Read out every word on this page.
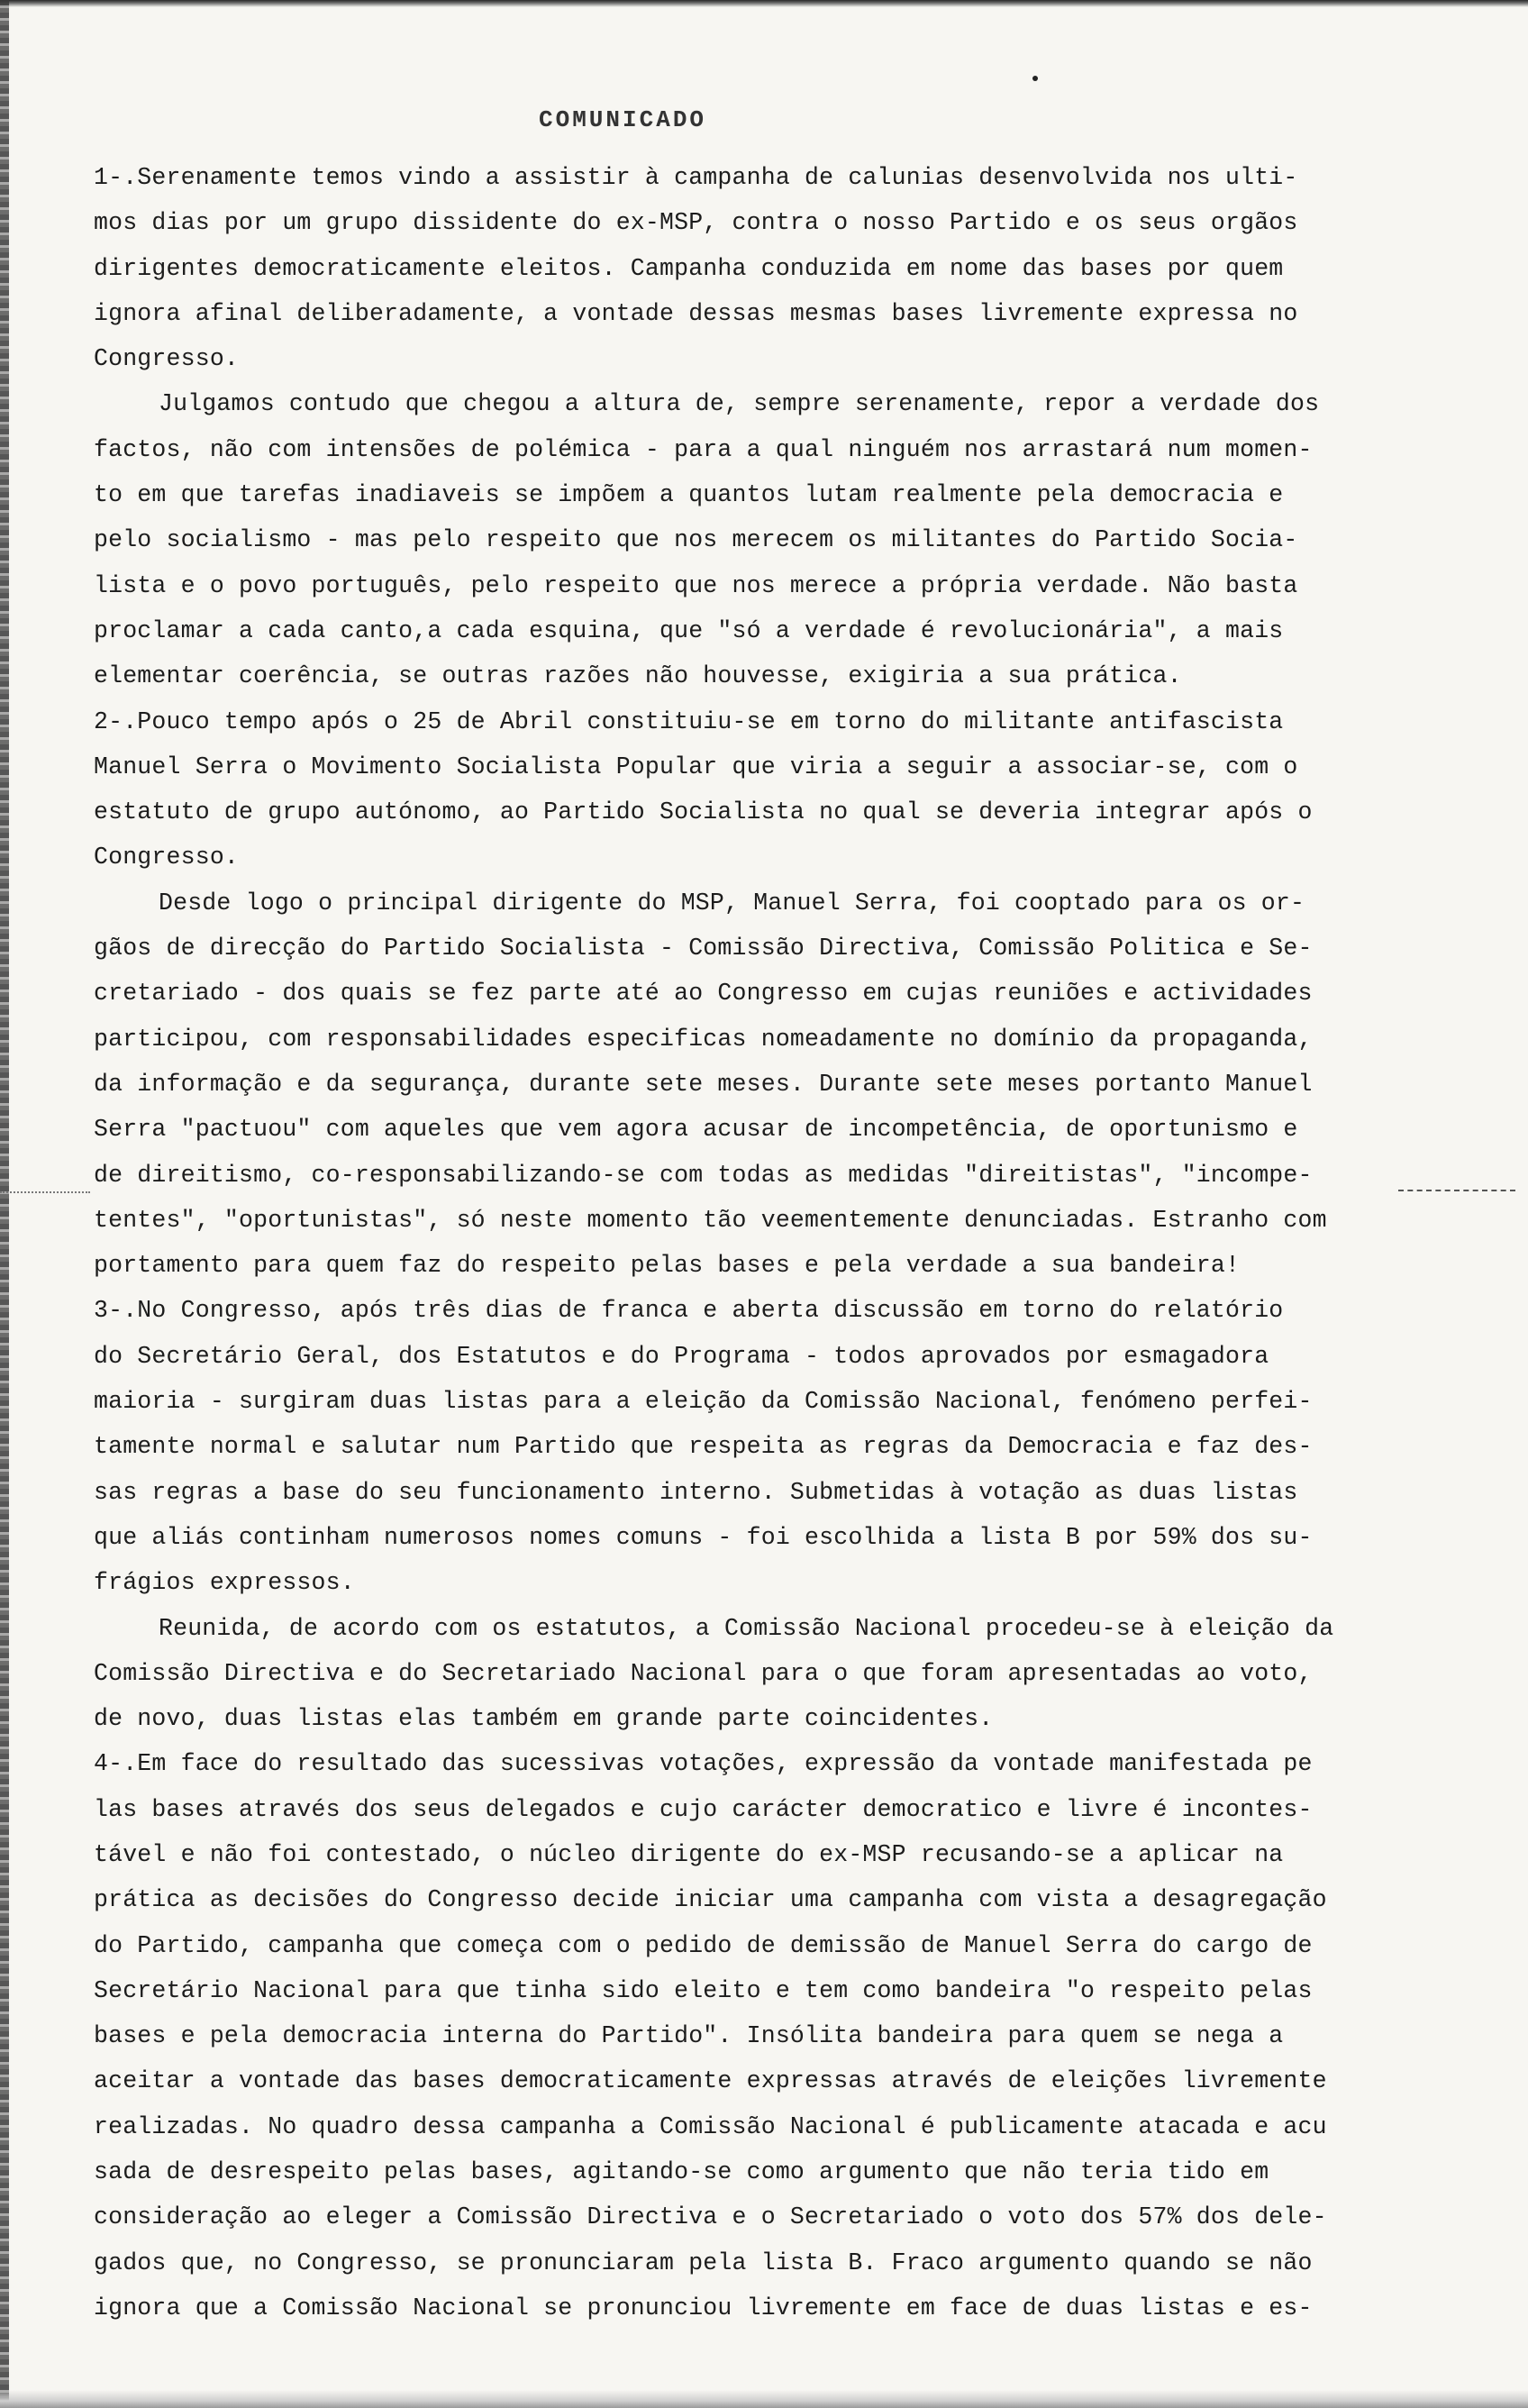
COMUNICADO
1-.Serenamente temos vindo a assistir à campanha de calunias desenvolvida nos ulti-
mos dias por um grupo dissidente do ex-MSP, contra o nosso Partido e os seus orgãos
dirigentes democraticamente eleitos. Campanha conduzida em nome das bases por quem
ignora afinal deliberadamente, a vontade dessas mesmas bases livremente expressa no
Congresso.
Julgamos contudo que chegou a altura de, sempre serenamente, repor a verdade dos
factos, não com intensões de polémica - para a qual ninguém nos arrastará num momen-
to em que tarefas inadiaveis se impõem a quantos lutam realmente pela democracia e
pelo socialismo - mas pelo respeito que nos merecem os militantes do Partido Socia-
lista e o povo português, pelo respeito que nos merece a própria verdade. Não basta
proclamar a cada canto,a cada esquina, que "só a verdade é revolucionária", a mais
elementar coerência, se outras razões não houvesse, exigiria a sua prática.
2-.Pouco tempo após o 25 de Abril constituiu-se em torno do militante antifascista
Manuel Serra o Movimento Socialista Popular que viria a seguir a associar-se, com o
estatuto de grupo autónomo, ao Partido Socialista no qual se deveria integrar após o
Congresso.
Desde logo o principal dirigente do MSP, Manuel Serra, foi cooptado para os or-
gãos de direcção do Partido Socialista - Comissão Directiva, Comissão Politica e Se-
cretariado - dos quais se fez parte até ao Congresso em cujas reuniões e actividades
participou, com responsabilidades especificas nomeadamente no domínio da propaganda,
da informação e da segurança, durante sete meses. Durante sete meses portanto Manuel
Serra "pactuou" com aqueles que vem agora acusar de incompetência, de oportunismo e
de direitismo, co-responsabilizando-se com todas as medidas "direitistas", "incompe-
tentes", "oportunistas", só neste momento tão veementemente denunciadas. Estranho com
portamento para quem faz do respeito pelas bases e pela verdade a sua bandeira!
3-.No Congresso, após três dias de franca e aberta discussão em torno do relatório
do Secretário Geral, dos Estatutos e do Programa - todos aprovados por esmagadora
maioria - surgiram duas listas para a eleição da Comissão Nacional, fenómeno perfei-
tamente normal e salutar num Partido que respeita as regras da Democracia e faz des-
sas regras a base do seu funcionamento interno. Submetidas à votação as duas listas
que aliás continham numerosos nomes comuns - foi escolhida a lista B por 59% dos su-
frágios expressos.
Reunida, de acordo com os estatutos, a Comissão Nacional procedeu-se à eleição da
Comissão Directiva e do Secretariado Nacional para o que foram apresentadas ao voto,
de novo, duas listas elas também em grande parte coincidentes.
4-.Em face do resultado das sucessivas votações, expressão da vontade manifestada pe
las bases através dos seus delegados e cujo carácter democratico e livre é incontes-
tável e não foi contestado, o núcleo dirigente do ex-MSP recusando-se a aplicar na
prática as decisões do Congresso decide iniciar uma campanha com vista a desagregação
do Partido, campanha que começa com o pedido de demissão de Manuel Serra do cargo de
Secretário Nacional para que tinha sido eleito e tem como bandeira "o respeito pelas
bases e pela democracia interna do Partido". Insólita bandeira para quem se nega a
aceitar a vontade das bases democraticamente expressas através de eleições livremente
realizadas. No quadro dessa campanha a Comissão Nacional é publicamente atacada e acu
sada de desrespeito pelas bases, agitando-se como argumento que não teria tido em
consideração ao eleger a Comissão Directiva e o Secretariado o voto dos 57% dos dele-
gados que, no Congresso, se pronunciaram pela lista B. Fraco argumento quando se não
ignora que a Comissão Nacional se pronunciou livremente em face de duas listas e es-
